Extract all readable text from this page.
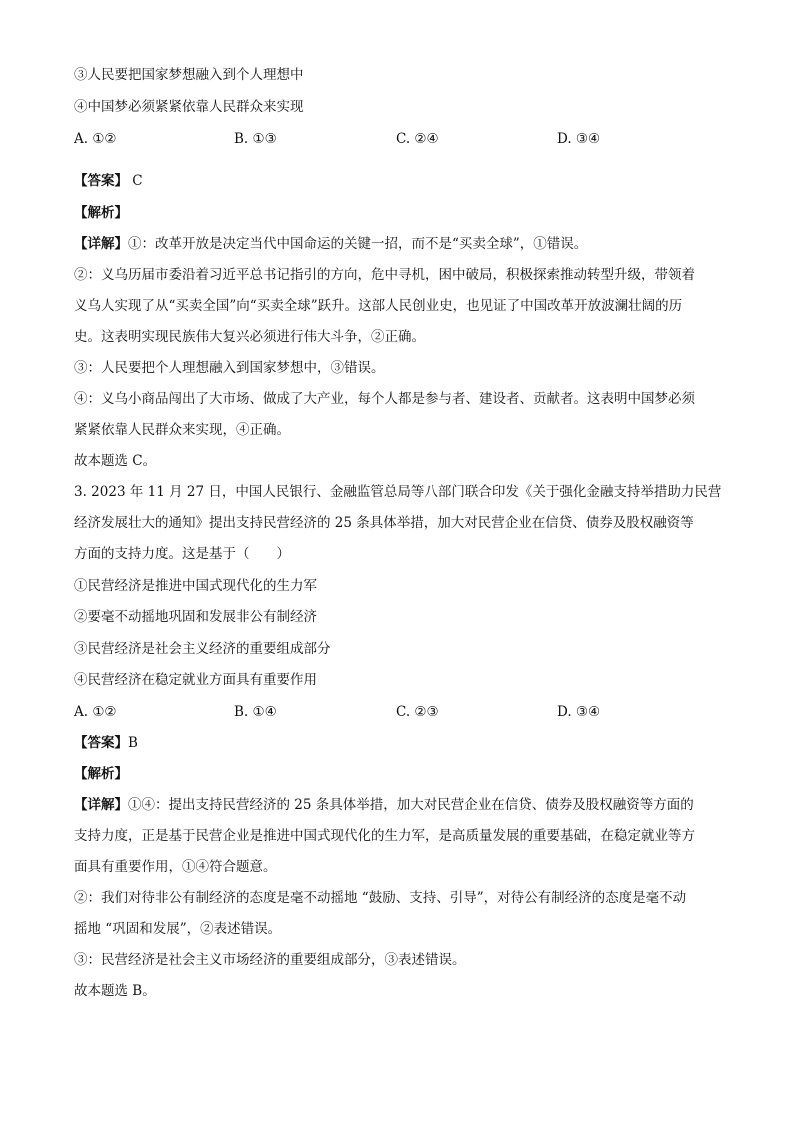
③人民要把国家梦想融入到个人理想中
④中国梦必须紧紧依靠人民群众来实现
A. ①②	B. ①③	C. ②④	D. ③④
【答案】 C
【解析】
【详解】①：改革开放是决定当代中国命运的关键一招，而不是“买卖全球”，①错误。
②：义乌历届市委沿着习近平总书记指引的方向，危中寻机，困中破局，积极探索推动转型升级，带领着
义乌人实现了从“买卖全国”向“买卖全球”跃升。这部人民创业史，也见证了中国改革开放波澜壮阔的历
史。这表明实现民族伟大复兴必须进行伟大斗争，②正确。
③：人民要把个人理想融入到国家梦想中，③错误。
④：义乌小商品闯出了大市场、做成了大产业，每个人都是参与者、建设者、贡献者。这表明中国梦必须
紧紧依靠人民群众来实现，④正确。
故本题选 C。
3. 2023 年 11 月 27 日，中国人民银行、金融监管总局等八部门联合印发《关于强化金融支持举措助力民营
经济发展壮大的通知》提出支持民营经济的 25 条具体举措，加大对民营企业在信贷、债券及股权融资等
方面的支持力度。这是基于（　　）
①民营经济是推进中国式现代化的生力军
②要毫不动摇地巩固和发展非公有制经济
③民营经济是社会主义经济的重要组成部分
④民营经济在稳定就业方面具有重要作用
A. ①②	B. ①④	C. ②③	D. ③④
【答案】B
【解析】
【详解】①④：提出支持民营经济的 25 条具体举措，加大对民营企业在信贷、债券及股权融资等方面的
支持力度，正是基于民营企业是推进中国式现代化的生力军，是高质量发展的重要基础，在稳定就业等方
面具有重要作用，①④符合题意。
②：我们对待非公有制经济的态度是毫不动摇地 “鼓励、支持、引导”，对待公有制经济的态度是毫不动
摇地 “巩固和发展”，②表述错误。
③：民营经济是社会主义市场经济的重要组成部分，③表述错误。
故本题选 B。
